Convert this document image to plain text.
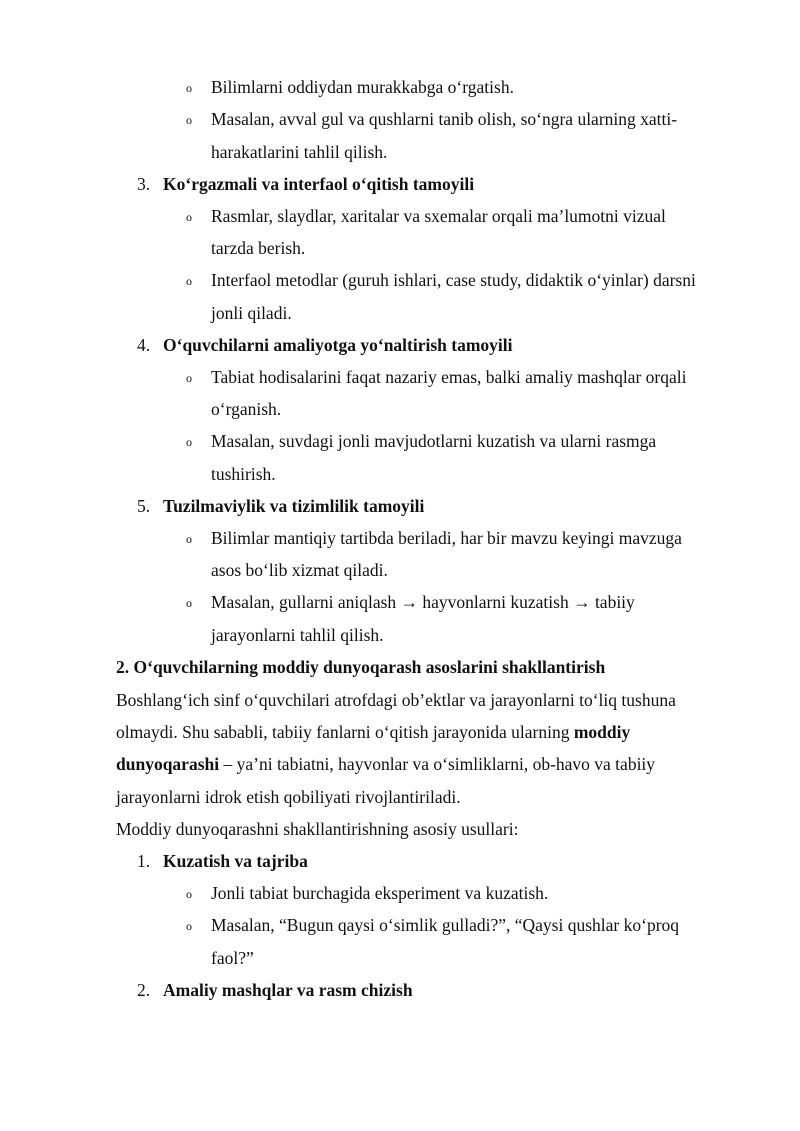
o Bilimlarni oddiydan murakkabga o‘rgatish.
o Masalan, avval gul va qushlarni tanib olish, so‘ngra ularning xatti-
harakatlarini tahlil qilish.
3. Ko‘rgazmali va interfaol o‘qitish tamoyili
o Rasmlar, slaydlar, xaritalar va sxemalar orqali ma’lumotni vizual
tarzda berish.
o Interfaol metodlar (guruh ishlari, case study, didaktik o‘yinlar) darsni
jonli qiladi.
4. O‘quvchilarni amaliyotga yo‘naltirish tamoyili
o Tabiat hodisalarini faqat nazariy emas, balki amaliy mashqlar orqali
o‘rganish.
o Masalan, suvdagi jonli mavjudotlarni kuzatish va ularni rasmga
tushirish.
5. Tuzilmaviylik va tizimlilik tamoyili
o Bilimlar mantiqiy tartibda beriladi, har bir mavzu keyingi mavzuga
asos bo‘lib xizmat qiladi.
o Masalan, gullarni aniqlash → hayvonlarni kuzatish → tabiiy
jarayonlarni tahlil qilish.
2. O‘quvchilarning moddiy dunyoqarash asoslarini shakllantirish
Boshlang‘ich sinf o‘quvchilari atrofdagi ob’ektlar va jarayonlarni to‘liq tushuna
olmaydi. Shu sababli, tabiiy fanlarni o‘qitish jarayonida ularning moddiy
dunyoqarashi – ya’ni tabiatni, hayvonlar va o‘simliklarni, ob-havo va tabiiy
jarayonlarni idrok etish qobiliyati rivojlantiriladi.
Moddiy dunyoqarashni shakllantirishning asosiy usullari:
1. Kuzatish va tajriba
o Jonli tabiat burchagida eksperiment va kuzatish.
o Masalan, “Bugun qaysi o‘simlik gulladi?”, “Qaysi qushlar ko‘proq
faol?”
2. Amaliy mashqlar va rasm chizish
